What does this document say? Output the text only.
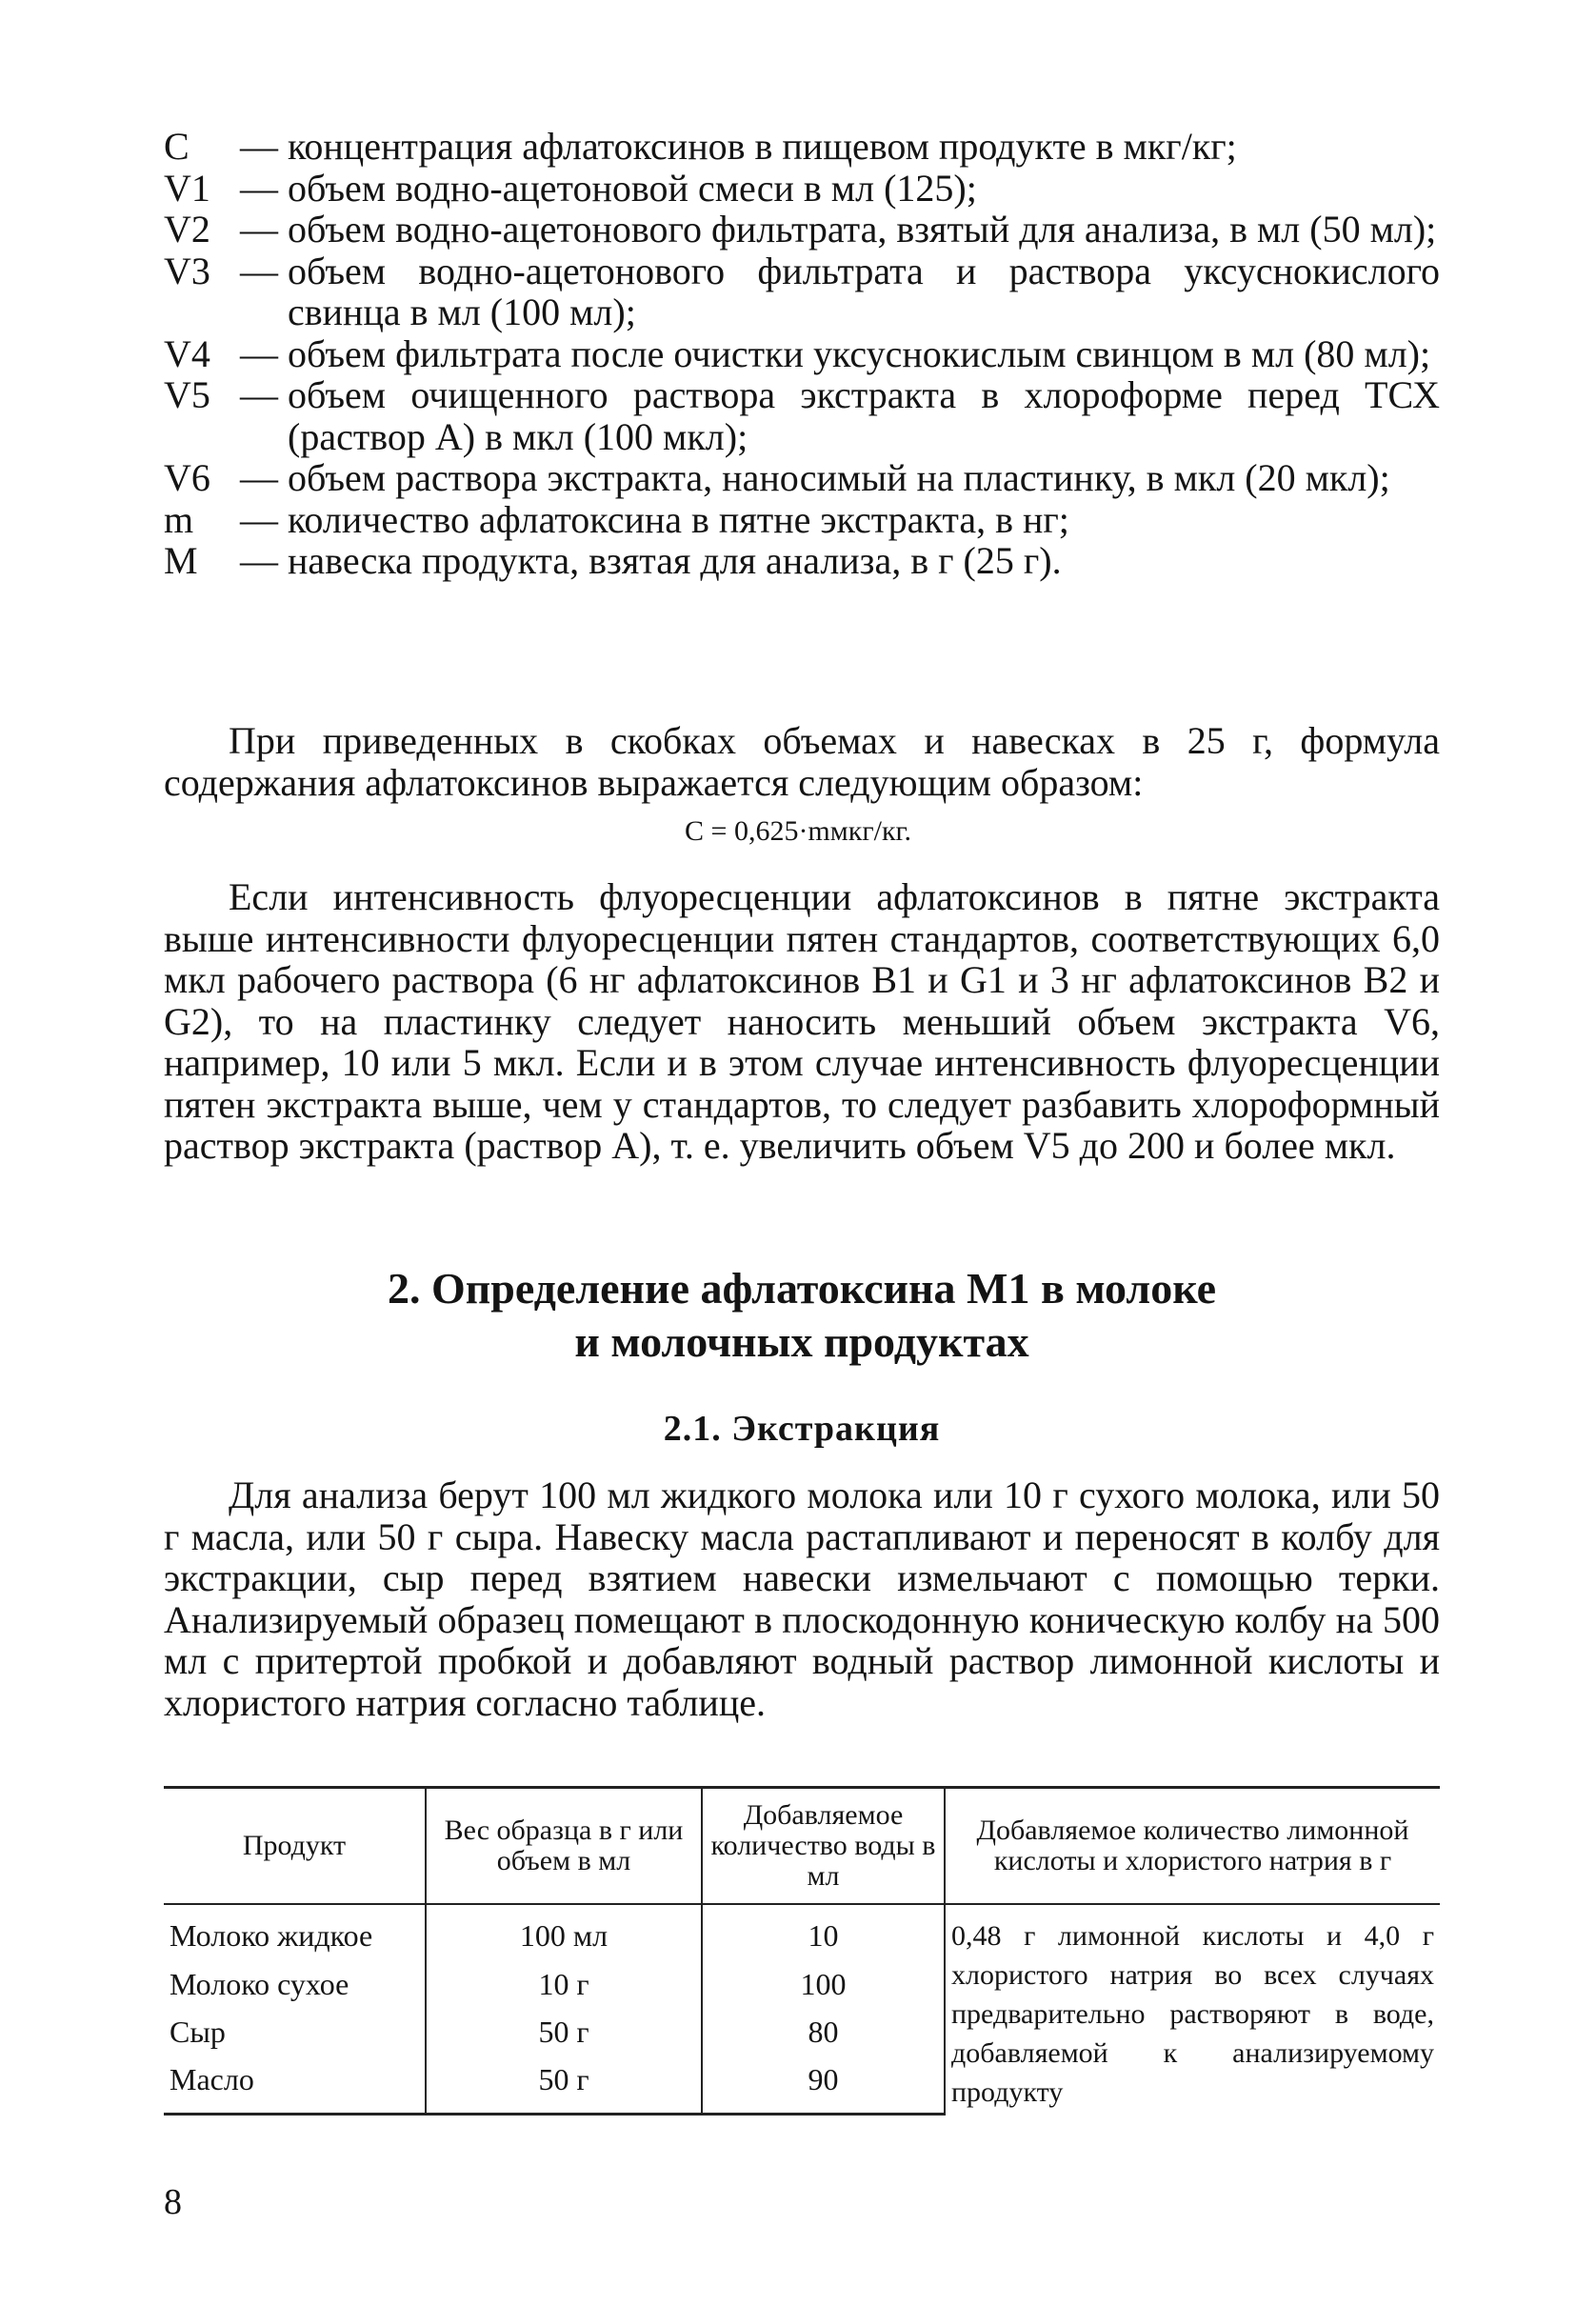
C	— концентрация афлатоксинов в пищевом продукте в мкг/кг;
V1 — объем водно-ацетоновой смеси в мл (125);
V2 — объем водно-ацетонового фильтрата, взятый для анализа, в мл (50 мл);
V3 — объем водно-ацетонового фильтрата и раствора уксуснокислого свинца в мл (100 мл);
V4 — объем фильтрата после очистки уксуснокислым свинцом в мл (80 мл);
V5 — объем очищенного раствора экстракта в хлороформе перед ТСХ (раствор А) в мкл (100 мкл);
V6 — объем раствора экстракта, наносимый на пластинку, в мкл (20 мкл);
m	— количество афлатоксина в пятне экстракта, в нг;
M	— навеска продукта, взятая для анализа, в г (25 г).

При приведенных в скобках объемах и навесках в 25 г, формула содержания афлатоксинов выражается следующим образом:

C = 0,625·mмкг/кг.

Если интенсивность флуоресценции афлатоксинов в пятне экстракта выше интенсивности флуоресценции пятен стандартов, соответствующих 6,0 мкл рабочего раствора (6 нг афлатоксинов B1 и G1 и 3 нг афлатоксинов B2 и G2), то на пластинку следует наносить меньший объем экстракта V6, например, 10 или 5 мкл. Если и в этом случае интенсивность флуоресценции пятен экстракта выше, чем у стандартов, то следует разбавить хлороформный раствор экстракта (раствор А), т. е. увеличить объем V5 до 200 и более мкл.

2. Определение афлатоксина M1 в молоке
и молочных продуктах
2.1. Экстракция

Для анализа берут 100 мл жидкого молока или 10 г сухого молока, или 50 г масла, или 50 г сыра. Навеску масла растапливают и переносят в колбу для экстракции, сыр перед взятием навески измельчают с помощью терки. Анализируемый образец помещают в плоскодонную коническую колбу на 500 мл с притертой пробкой и добавляют водный раствор лимонной кислоты и хлористого натрия согласно таблице.

Продукт	Вес образца в г или объем в мл	Добавляемое количество воды в мл	Добавляемое количество лимонной кислоты и хлористого натрия в г
Молоко жидкое	100 мл	10	0,48 г лимонной кислоты и 4,0 г хлористого натрия во всех случаях предварительно растворяют в воде, добавляемой к анализируемому продукту
Молоко сухое	10 г	100	
Сыр	50 г	80	
Масло	50 г	90	
8
